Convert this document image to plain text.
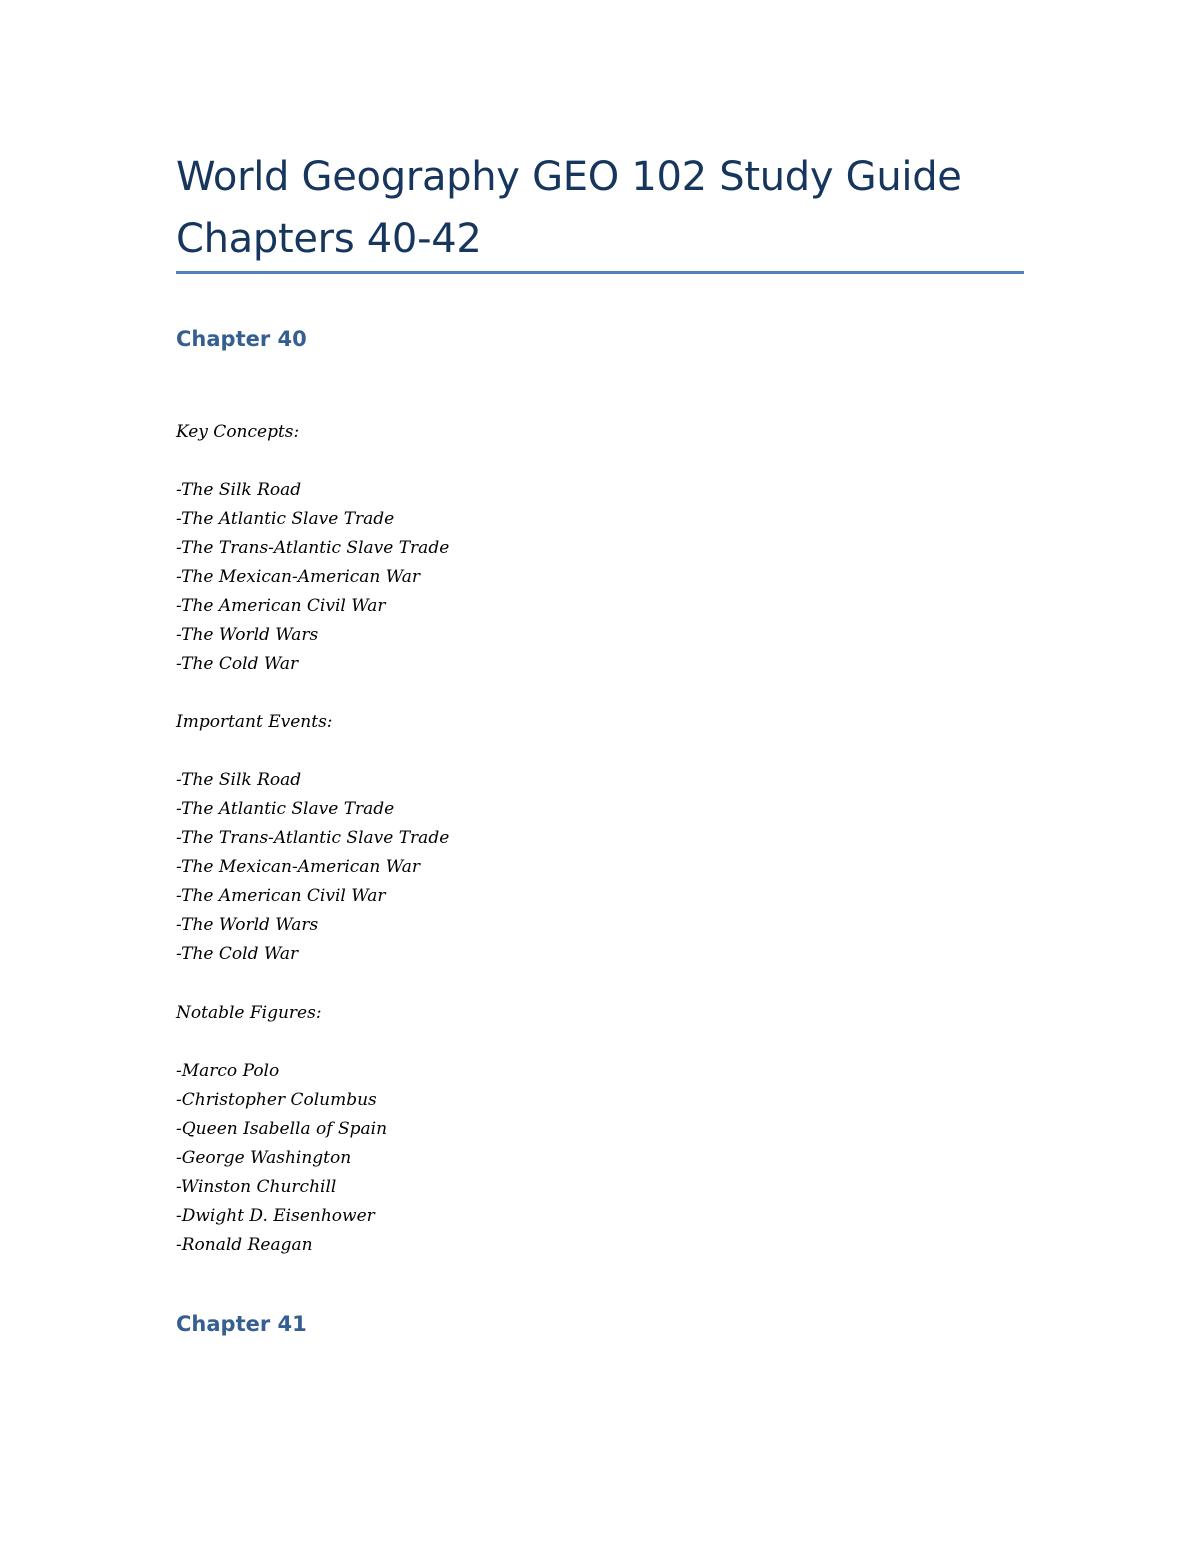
World Geography GEO 102 Study Guide
Chapters 40-42
Chapter 40
Key Concepts:
-The Silk Road
-The Atlantic Slave Trade
-The Trans-Atlantic Slave Trade
-The Mexican-American War
-The American Civil War
-The World Wars
-The Cold War
Important Events:
-The Silk Road
-The Atlantic Slave Trade
-The Trans-Atlantic Slave Trade
-The Mexican-American War
-The American Civil War
-The World Wars
-The Cold War
Notable Figures:
-Marco Polo
-Christopher Columbus
-Queen Isabella of Spain
-George Washington
-Winston Churchill
-Dwight D. Eisenhower
-Ronald Reagan
Chapter 41
